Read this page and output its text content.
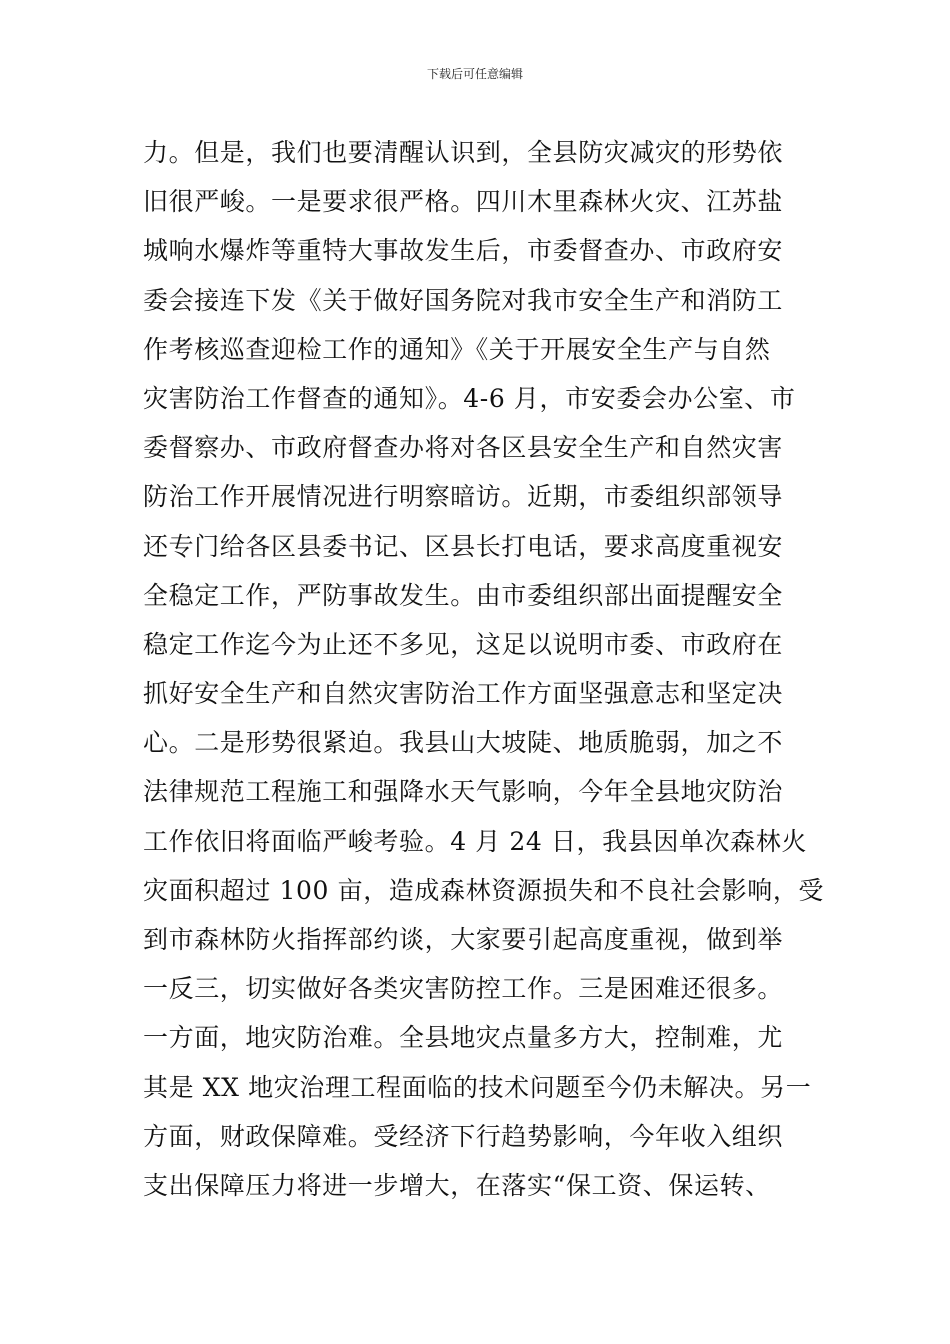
下载后可任意编辑
力。但是，我们也要清醒认识到，全县防灾减灾的形势依
旧很严峻。一是要求很严格。四川木里森林火灾、江苏盐
城响水爆炸等重特大事故发生后，市委督查办、市政府安
委会接连下发《关于做好国务院对我市安全生产和消防工
作考核巡查迎检工作的通知》《关于开展安全生产与自然
灾害防治工作督查的通知》。4-6 月，市安委会办公室、市
委督察办、市政府督查办将对各区县安全生产和自然灾害
防治工作开展情况进行明察暗访。近期，市委组织部领导
还专门给各区县委书记、区县长打电话，要求高度重视安
全稳定工作，严防事故发生。由市委组织部出面提醒安全
稳定工作迄今为止还不多见，这足以说明市委、市政府在
抓好安全生产和自然灾害防治工作方面坚强意志和坚定决
心。二是形势很紧迫。我县山大坡陡、地质脆弱，加之不
法律规范工程施工和强降水天气影响，今年全县地灾防治
工作依旧将面临严峻考验。4 月 24 日，我县因单次森林火
灾面积超过 100 亩，造成森林资源损失和不良社会影响，受
到市森林防火指挥部约谈，大家要引起高度重视，做到举
一反三，切实做好各类灾害防控工作。三是困难还很多。
一方面，地灾防治难。全县地灾点量多方大，控制难，尤
其是 XX 地灾治理工程面临的技术问题至今仍未解决。另一
方面，财政保障难。受经济下行趋势影响，今年收入组织
支出保障压力将进一步增大，在落实“保工资、保运转、
